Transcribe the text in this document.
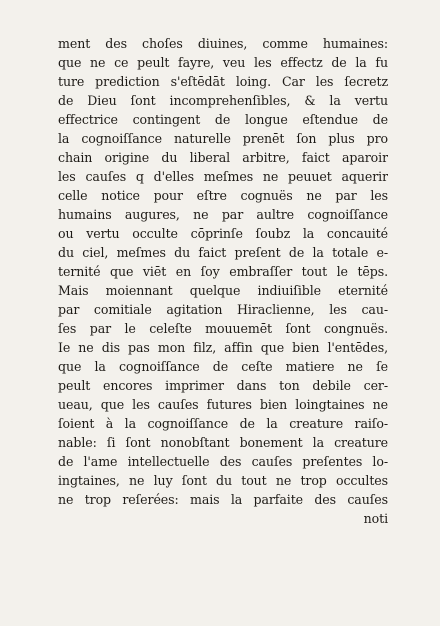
ment des choſes diuines, comme humaines:
que ne ce peult fayre, veu les effectz de la fu
ture prediction s'eſtēdāt loing. Car les ſecretz
de Dieu ſont incomprehenſibles, & la vertu
effectrice contingent de longue eſtendue de
la cognoiſſance naturelle prenēt ſon plus pro
chain origine du liberal arbitre, faict aparoir
les cauſes q d'elles meſmes ne peuuet aquerir
celle notice pour eſtre cognuës ne par les
humains augures, ne par aultre cognoiſſance
ou vertu occulte cōprinſe ſoubz la concauité
du ciel, meſmes du faict preſent de la totale e-
ternité que viēt en ſoy embraſſer tout le tēps.
Mais moiennant quelque indiuiſible eternité
par comitiale agitation Hiraclienne, les cau-
ſes par le celeſte mouuemēt ſont congnuës.
Ie ne dis pas mon filz, affin que bien l'entēdes,
que la cognoiſſance de ceſte matiere ne ſe
peult encores imprimer dans ton debile cer-
ueau, que les cauſes futures bien loingtaines ne
ſoient à la cognoiſſance de la creature raiſo-
nable: ſi ſont nonobſtant bonement la creature
de l'ame intellectuelle des cauſes preſentes lo-
ingtaines, ne luy ſont du tout ne trop occultes
ne trop reſerées: mais la parfaite des cauſes
noti
